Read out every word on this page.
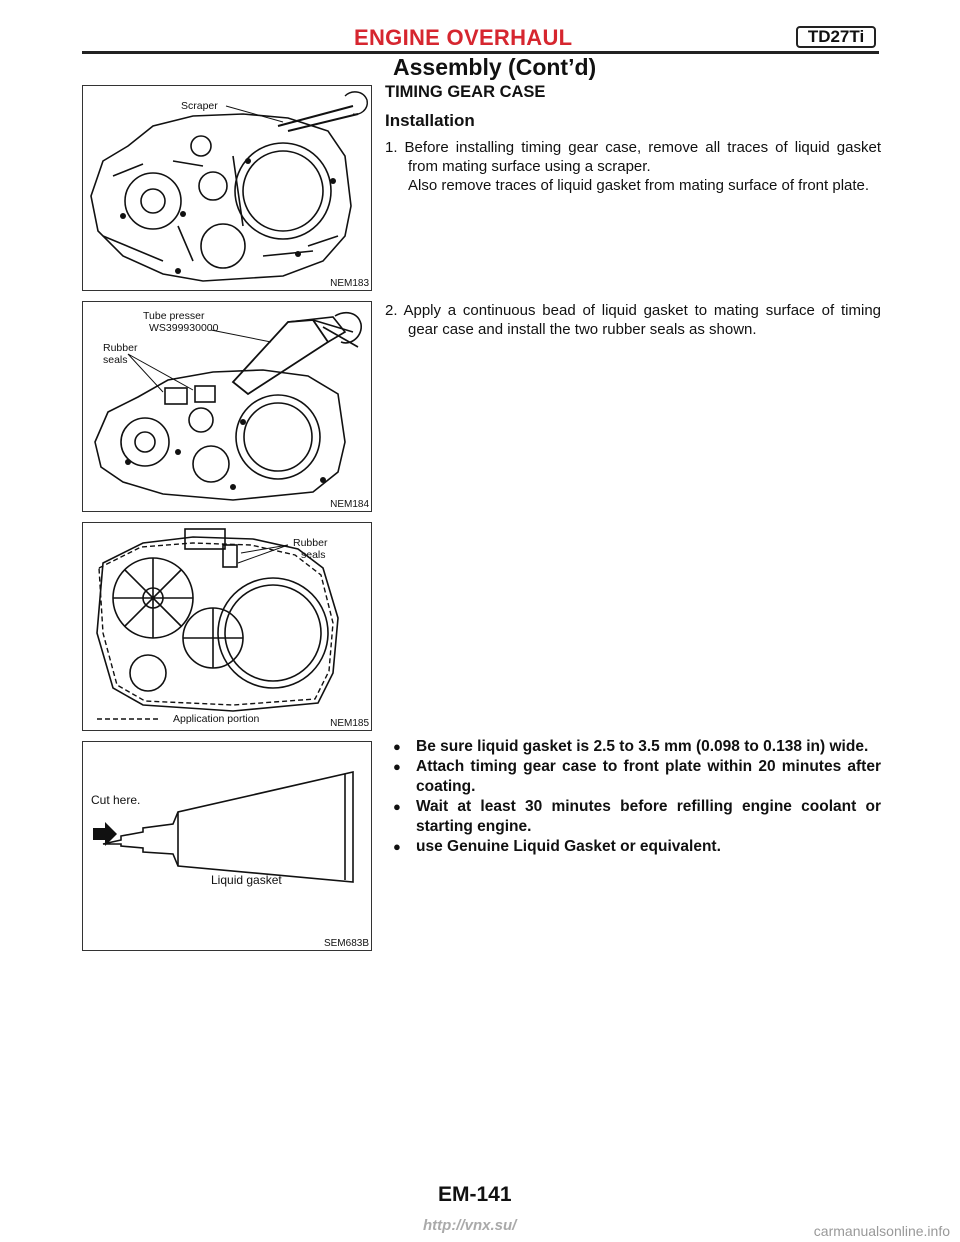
ENGINE OVERHAUL	TD27Ti
Assembly (Cont’d)
Scraper
NEM183
Tube presser
WS399930000
Rubber
seals
NEM184
Rubber
seals
Application portion	NEM185
Cut here.
Liquid gasket
SEM683B
TIMING GEAR CASE
Installation
1. Before installing timing gear case, remove all traces of liquid gasket from mating surface using a scraper.
Also remove traces of liquid gasket from mating surface of front plate.
2. Apply a continuous bead of liquid gasket to mating surface of timing gear case and install the two rubber seals as shown.
● Be sure liquid gasket is 2.5 to 3.5 mm (0.098 to 0.138 in) wide.
● Attach timing gear case to front plate within 20 minutes after coating.
● Wait at least 30 minutes before refilling engine coolant or starting engine.
● use Genuine Liquid Gasket or equivalent.
EM-141
http://vnx.su/	carmanualsonline.info
